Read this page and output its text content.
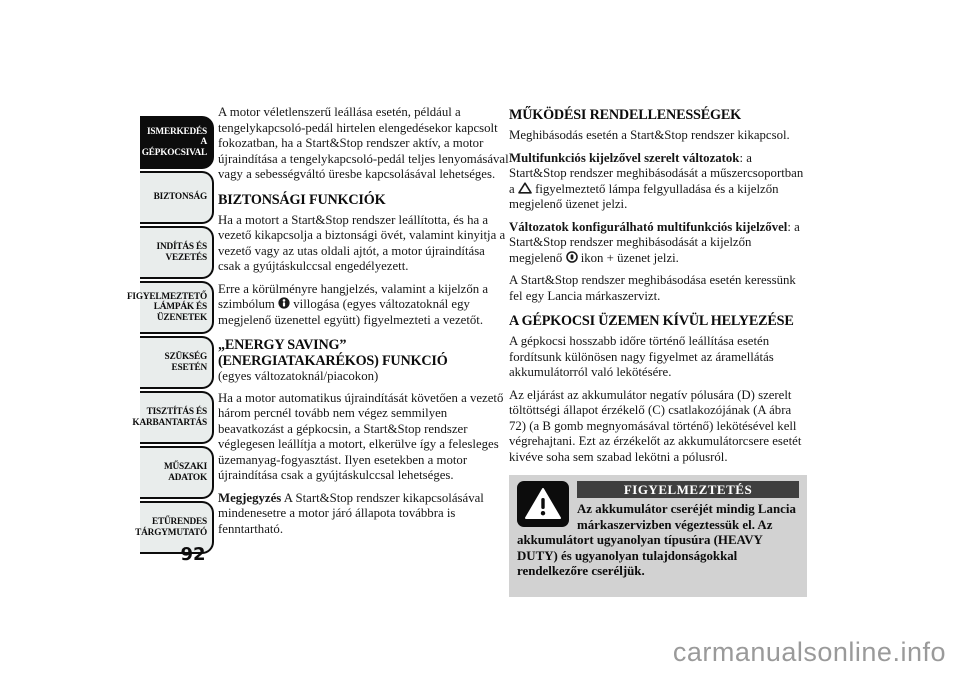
ISMERKEDÉS A GÉPKOCSIVAL
BIZTONSÁG
INDÍTÁS ÉS VEZETÉS
FIGYELMEZTETŐ LÁMPÁK ÉS ÜZENETEK
SZÜKSÉG ESETÉN
TISZTÍTÁS ÉS KARBANTARTÁS
MŰSZAKI ADATOK
ETŰRENDES TÁRGYMUTATÓ
92

A motor véletlenszerű leállása esetén, például a tengelykapcsoló-pedál hirtelen elengedésekor kapcsolt fokozatban, ha a Start&Stop rendszer aktív, a motor újraindítása a tengelykapcsoló-pedál teljes lenyomásával vagy a sebességváltó üresbe kapcsolásával lehetséges.

BIZTONSÁGI FUNKCIÓK

Ha a motort a Start&Stop rendszer leállította, és ha a vezető kikapcsolja a biztonsági övét, valamint kinyitja a vezető vagy az utas oldali ajtót, a motor újraindítása csak a gyújtáskulccsal engedélyezett.

Erre a körülményre hangjelzés, valamint a kijelzőn a szimbólum  villogása (egyes változatoknál egy megjelenő üzenettel együtt) figyelmezteti a vezetőt.

„ENERGY SAVING” (ENERGIATAKARÉKOS) FUNKCIÓ
(egyes változatoknál/piacokon)

Ha a motor automatikus újraindítását követően a vezető három percnél tovább nem végez semmilyen beavatkozást a gépkocsin, a Start&Stop rendszer véglegesen leállítja a motort, elkerülve így a felesleges üzemanyag-fogyasztást. Ilyen esetekben a motor újraindítása csak a gyújtáskulccsal lehetséges.

Megjegyzés A Start&Stop rendszer kikapcsolásával mindenesetre a motor járó állapota továbbra is fenntartható.

MŰKÖDÉSI RENDELLENESSÉGEK

Meghibásodás esetén a Start&Stop rendszer kikapcsol.

Multifunkciós kijelzővel szerelt változatok: a Start&Stop rendszer meghibásodását a műszercsoportban a  figyelmeztető lámpa felgyulladása és a kijelzőn megjelenő üzenet jelzi.

Változatok konfigurálható multifunkciós kijelzővel: a Start&Stop rendszer meghibásodását a kijelzőn megjelenő  ikon + üzenet jelzi.

A Start&Stop rendszer meghibásodása esetén keressünk fel egy Lancia márkaszervizt.

A GÉPKOCSI ÜZEMEN KÍVÜL HELYEZÉSE

A gépkocsi hosszabb időre történő leállítása esetén fordítsunk különösen nagy figyelmet az áramellátás akkumulátorról való lekötésére.

Az eljárást az akkumulátor negatív pólusára (D) szerelt töltöttségi állapot érzékelő (C) csatlakozójának (A ábra 72) (a B gomb megnyomásával történő) lekötésével kell végrehajtani. Ezt az érzékelőt az akkumulátorcsere esetét kivéve soha sem szabad lekötni a pólusról.

FIGYELMEZTETÉS

Az akkumulátor cseréjét mindig Lancia márkaszervizben végeztessük el. Az akkumulátort ugyanolyan típusúra (HEAVY DUTY) és ugyanolyan tulajdonságokkal rendelkezőre cseréljük.

carmanualsonline.info
